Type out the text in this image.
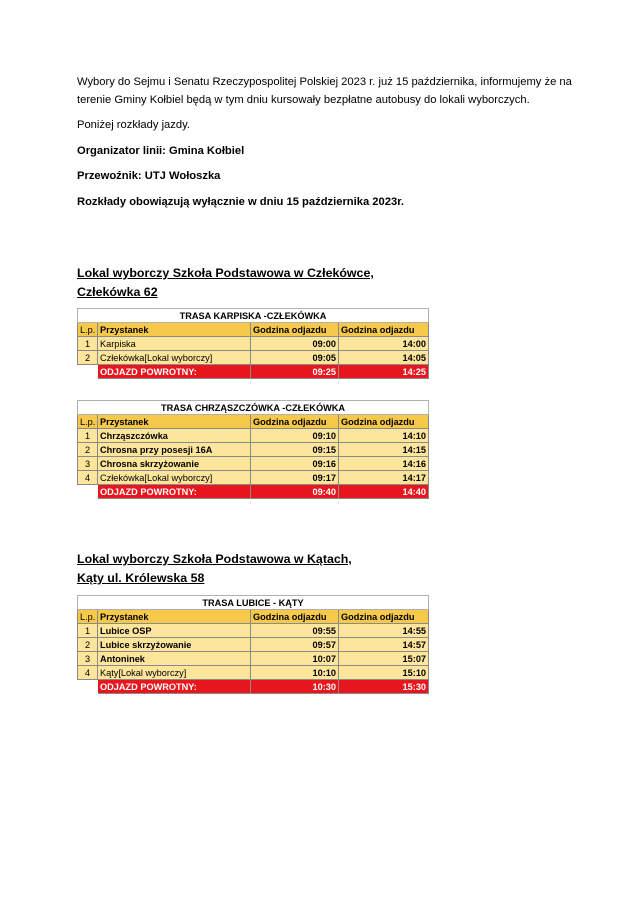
Wybory do Sejmu i Senatu Rzeczypospolitej Polskiej 2023 r. już 15 października, informujemy że na terenie Gminy Kołbiel będą w tym dniu kursowały bezpłatne autobusy do lokali wyborczych.

Poniżej rozkłady jazdy.

Organizator linii: Gmina Kołbiel

Przewoźnik: UTJ Wołoszka

Rozkłady obowiązują wyłącznie w dniu 15 października 2023r.

Lokal wyborczy Szkoła Podstawowa w Człekówce,
Człekówka 62
TRASA KARPISKA -CZŁEKÓWKA			
L.p.	Przystanek	Godzina odjazdu	Godzina odjazdu
1	Karpiska	09:00	14:00
2	Człekówka[Lokal wyborczy]	09:05	14:05
	ODJAZD POWROTNY:	09:25	14:25
TRASA CHRZĄSZCZÓWKA -CZŁEKÓWKA			
L.p.	Przystanek	Godzina odjazdu	Godzina odjazdu
1	Chrząszczówka	09:10	14:10
2	Chrosna przy posesji 16A	09:15	14:15
3	Chrosna skrzyżowanie	09:16	14:16
4	Człekówka[Lokal wyborczy]	09:17	14:17
	ODJAZD POWROTNY:	09:40	14:40
Lokal wyborczy Szkoła Podstawowa w Kątach,
Kąty ul. Królewska 58
TRASA LUBICE - KĄTY			
L.p.	Przystanek	Godzina odjazdu	Godzina odjazdu
1	Lubice OSP	09:55	14:55
2	Lubice skrzyżowanie	09:57	14:57
3	Antoninek	10:07	15:07
4	Kąty[Lokal wyborczy]	10:10	15:10
	ODJAZD POWROTNY:	10:30	15:30
